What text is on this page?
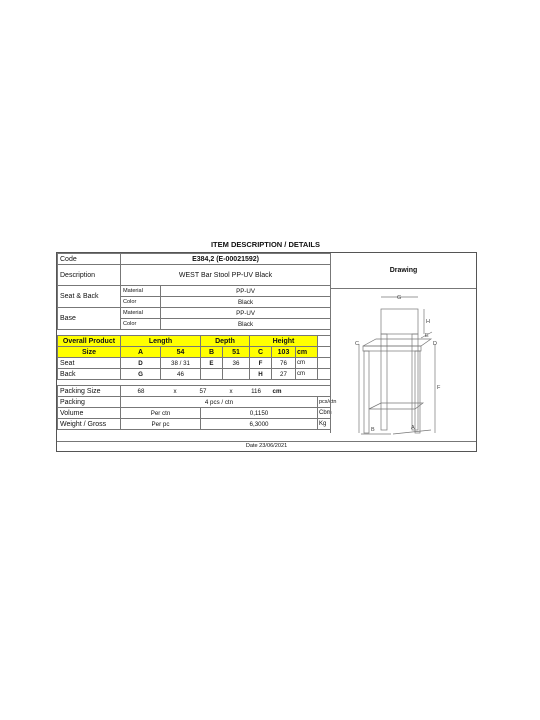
ITEM DESCRIPTION / DETAILS
Code	E384,2 (E-00021592)							
Description	WEST Bar Stool PP-UV Black							
Seat & Back	Material	PP-UV						
	Color	Black						
Base	Material	PP-UV						
	Color	Black						

Overall Product	Length		Depth		Height			
Size	A	54	B	51	C	103	cm	
Seat	D	38 / 31	E	36	F	76	cm	
Back	G	46			H	27	cm	

Packing Size	68 x 57 x 116 cm							
Packing	4 pcs / ctn							pcs/ctn
Volume	Per ctn		0,1150					Cbm
Weight / Gross	Per pc		6,3000					Kg
Drawing
G
H
E
C	D
F
B	A
Date 23/06/2021
